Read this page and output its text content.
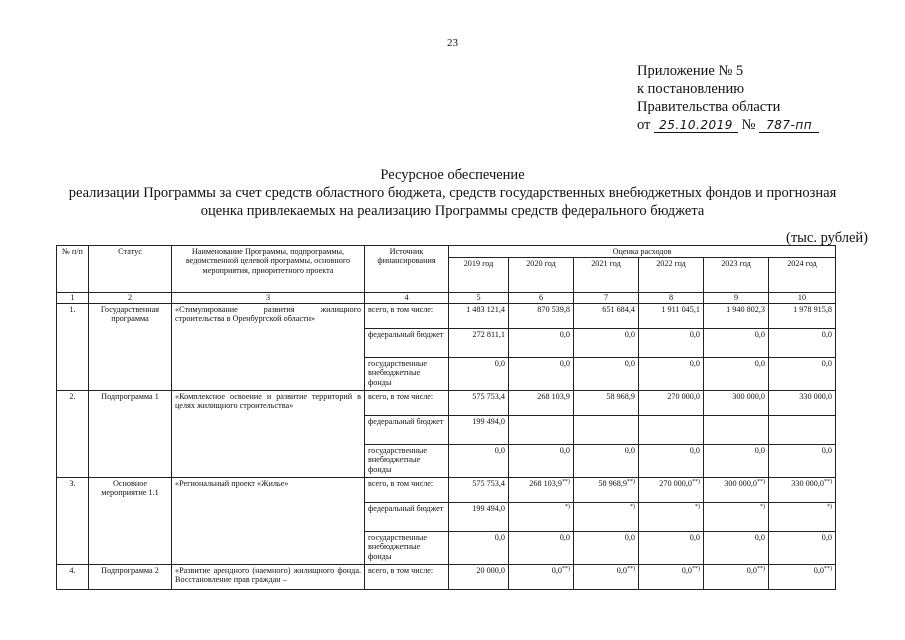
23
Приложение № 5
к постановлению
Правительства области
от 25.10.2019 № 787-пп
Ресурсное обеспечение
реализации Программы за счет средств областного бюджета, средств государственных внебюджетных фондов и прогнозная
оценка привлекаемых на реализацию Программы средств федерального бюджета
(тыс. рублей)
№ п/п	Статус	Наименование Программы, подпрограммы, ведомственной целевой программы, основного мероприятия, приоритетного проекта	Источник финансирования	Оценка расходов					
				2019 год	2020 год	2021 год	2022 год	2023 год	2024 год
1	2	3	4	5	6	7	8	9	10
1.	Государственная программа	«Стимулирование развития жилищного строительства в Оренбургской области»	всего, в том числе:	1 483 121,4	870 539,8	651 684,4	1 911 045,1	1 940 802,3	1 978 915,8
			федеральный бюджет	272 811,1	0,0	0,0	0,0	0,0	0,0
			государственные внебюджетные фонды	0,0	0,0	0,0	0,0	0,0	0,0
2.	Подпрограмма 1	«Комплексное освоение и развитие территорий в целях жилищного строительства»	всего, в том числе:	575 753,4	268 103,9	58 968,9	270 000,0	300 000,0	330 000,0
			федеральный бюджет	199 494,0					
			государственные внебюджетные фонды	0,0	0,0	0,0	0,0	0,0	0,0
3.	Основное мероприятие 1.1	«Региональный проект «Жилье»	всего, в том числе:	575 753,4	268 103,9**)	58 968,9**)	270 000,0**)	300 000,0**)	330 000,0**)
			федеральный бюджет	199 494,0	*)	*)	*)	*)	*)
			государственные внебюджетные фонды	0,0	0,0	0,0	0,0	0,0	0,0
4.	Подпрограмма 2	«Развитие арендного (наемного) жилищного фонда. Восстановление прав граждан –	всего, в том числе:	20 000,0	0,0**)	0,0**)	0,0**)	0,0**)	0,0**)
